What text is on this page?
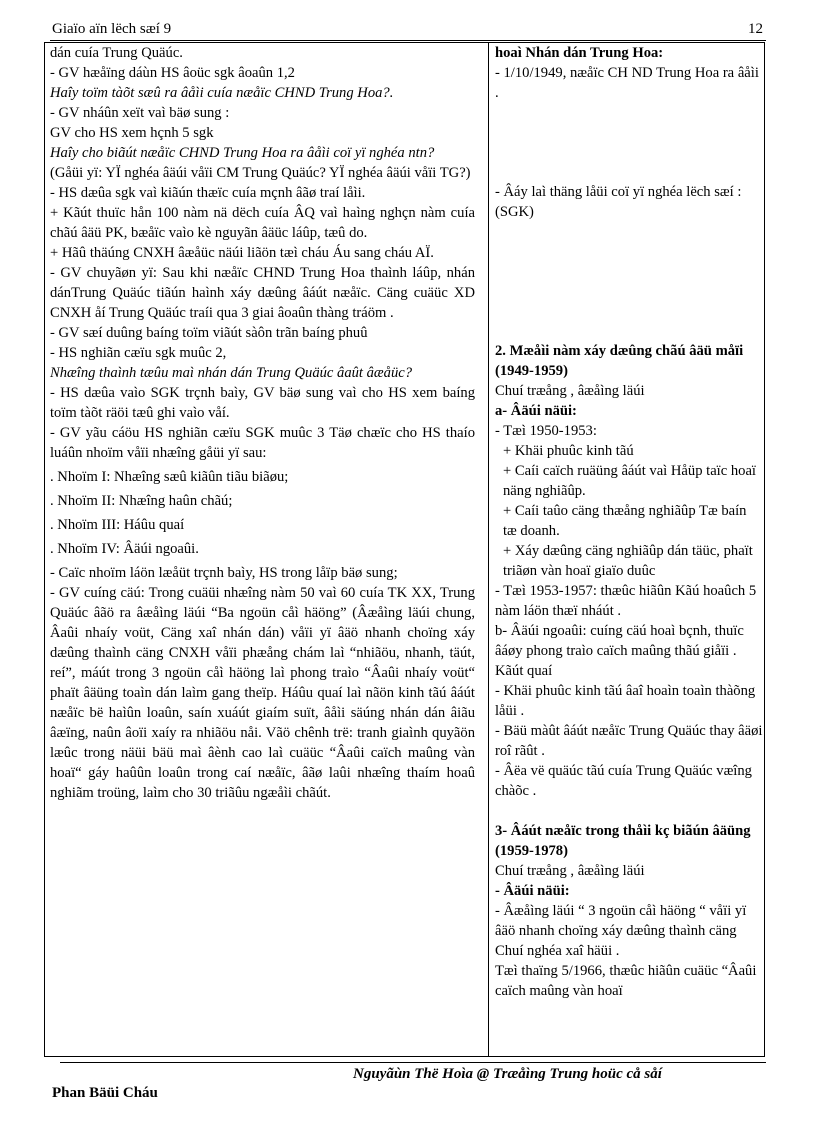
Giaïo aïn lëch sæí 9	12

dán cuía Trung Quäúc.

- GV hæåïng dáùn HS âoüc sgk âoaûn 1,2

Haîy toïm tàõt sæû ra âåìi cuía næåïc CHND Trung Hoa?.

- GV nháûn xeït vaì bäø sung :

GV cho HS xem hçnh 5 sgk

Haîy cho biãút næåïc CHND Trung Hoa ra âåìi coï yï nghéa ntn?

(Gåüi yï: YÏ nghéa âäúi våïi CM Trung Quäúc? YÏ nghéa âäúi våïi TG?)

- HS dæûa sgk vaì kiãún thæïc cuía mçnh âãø traí låìi.

+ Kãút thuïc hån 100 nàm nä dëch cuía ÂQ vaì haìng nghçn nàm cuía chãú âäü PK, bæåïc vaìo kè nguyãn âäüc láûp, tæû do.

+ Hãû thäúng CNXH âæåüc näúi liãön tæì cháu Áu sang cháu AÏ.

- GV chuyãøn yï: Sau khi næåïc CHND Trung Hoa thaình láûp, nhán dánTrung Quäúc tiãún haình xáy dæûng âáút næåïc. Cäng cuäüc XD CNXH åí Trung Quäúc traíi qua 3 giai âoaûn thàng tráöm .

- GV sæí duûng baíng toïm viãút sàôn trãn baíng phuû

- HS nghiãn cæïu sgk muûc 2,

Nhæîng thaình tæûu maì nhán dán Trung Quäúc âaût âæåüc?

- HS dæûa vaìo SGK trçnh baìy, GV bäø sung vaì cho HS xem baíng toïm tàõt räöi tæû ghi vaìo våí.

- GV yãu cáöu HS nghiãn cæïu SGK muûc 3 Täø chæïc cho HS thaío luáûn nhoïm våïi nhæîng gåüi yï sau:

. Nhoïm I: Nhæîng sæû kiãûn tiãu biãøu;

. Nhoïm II: Nhæîng haûn chãú;

. Nhoïm III: Háûu quaí

. Nhoïm IV: Âäúi ngoaûi.

- Caïc nhoïm láön læåüt trçnh baìy, HS trong låïp bäø sung;

- GV cuíng cäú: Trong cuäüi nhæîng nàm 50 vaì 60 cuía TK XX, Trung Quäúc âãö ra âæåìng läúi “Ba ngoün cåì häöng” (Âæåìng läúi chung, Âaûi nhaíy voüt, Cäng xaî nhán dán) våïi yï âäö nhanh choïng xáy dæûng thaình cäng CNXH våïi phæång chám laì “nhiãöu, nhanh, täút, reí”, máút trong 3 ngoün cåì häöng laì phong traìo “Âaûi nhaíy voüt“ phaït âäüng toaìn dán laìm gang theïp. Háûu quaí laì nãön kinh tãú âáút næåïc bë haìûn loaûn, saín xuáút giaím suït, âåìi säúng nhán dán âiãu âæïng, naûn âoïi xaíy ra nhiãöu nåi. Vãö chênh trë: tranh giaình quyãön læûc trong näüi bäü maì âènh cao laì cuäüc “Âaûi caïch maûng vàn hoaï“ gáy haûûn loaûn trong caí næåïc, âãø laûi nhæîng thaím hoaû nghiãm troüng, laìm cho 30 triãûu ngæåìi chãút.

hoaì Nhán dán Trung Hoa:

- 1/10/1949, næåïc CH ND Trung Hoa ra âåìi .

- Âáy laì thäng låüi coï yï nghéa lëch sæí :(SGK)

2. Mæåìi nàm xáy dæûng chãú âäü måïi (1949-1959)

Chuí træång , âæåìng läúi

a- Âäúi näüi:

- Tæì 1950-1953:

+ Khäi phuûc kinh tãú

+ Caíi caïch ruäüng âáút vaì Håüp taïc hoaï näng nghiãûp.

+ Caíi taûo cäng thæång nghiãûp Tæ baín tæ doanh.

+ Xáy dæûng cäng nghiãûp dán täüc, phaït triãøn vàn hoaï giaïo duûc

- Tæì 1953-1957: thæûc hiãûn Kãú hoaûch 5 nàm láön thæï nháút .

b- Âäúi ngoaûi: cuíng cäú hoaì bçnh, thuïc âáøy phong traìo caïch maûng thãú giåïi .

Kãút quaí

- Khäi phuûc kinh tãú âaî hoaìn toaìn thàõng låüi .

- Bäü màût âáút næåïc Trung Quäúc thay âäøi roî rãût .

- Âëa vë quäúc tãú cuía Trung Quäúc væîng chàõc .

3- Âáút næåïc trong thåìi kç biãún âäüng (1959-1978)

Chuí træång , âæåìng läúi

- Âäúi näüi:

- Âæåìng läúi “ 3 ngoün cåì häöng “ våïi yï âäö nhanh choïng xáy dæûng thaình cäng Chuí nghéa xaî häüi .

Tæì thaïng 5/1966, thæûc hiãûn cuäüc “Âaûi caïch maûng vàn hoaï

Nguyãùn Thë Hoìa @ Træåìng Trung hoüc cå såí
Phan Bäüi Cháu
